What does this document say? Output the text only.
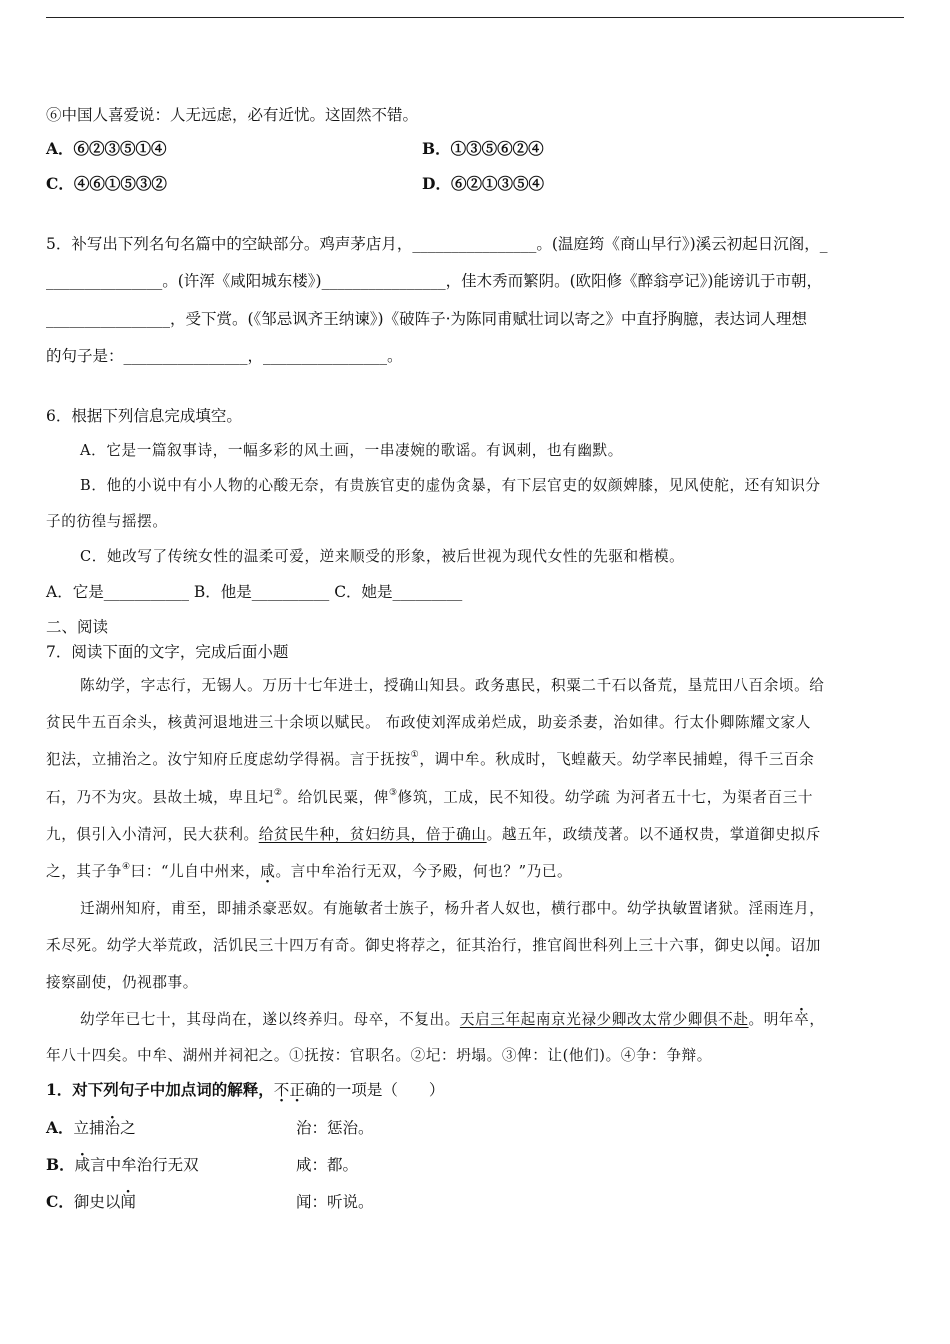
⑥中国人喜爱说：人无远虑，必有近忧。这固然不错。
A．⑥②③⑤①④	B．①③⑤⑥②④
C．④⑥①⑤③②	D．⑥②①③⑤④
5．补写出下列名句名篇中的空缺部分。鸡声茅店月，________________。(温庭筠《商山早行》)溪云初起日沉阁，_
_______________。(许浑《咸阳城东楼》)________________，佳木秀而繁阴。(欧阳修《醉翁亭记》)能谤讥于市朝，
________________，受下赏。(《邹忌讽齐王纳谏》)《破阵子·为陈同甫赋壮词以寄之》中直抒胸臆，表达词人理想
的句子是：________________，________________。
6．根据下列信息完成填空。
A．它是一篇叙事诗，一幅多彩的风土画，一串凄婉的歌谣。有讽刺，也有幽默。
B．他的小说中有小人物的心酸无奈，有贵族官吏的虚伪贪暴，有下层官吏的奴颜婢膝，见风使舵，还有知识分
子的彷徨与摇摆。
C．她改写了传统女性的温柔可爱，逆来顺受的形象，被后世视为现代女性的先驱和楷模。
A．它是___________ B．他是__________ C．她是_________
二、阅读
7．阅读下面的文字，完成后面小题
陈幼学，字志行，无锡人。万历十七年进士，授确山知县。政务惠民，积粟二千石以备荒，垦荒田八百余顷。给
贫民牛五百余头，核黄河退地进三十余顷以赋民。 布政使刘浑成弟烂成，助妾杀妻，治如律。行太仆卿陈耀文家人
犯法，立捕治之。汝宁知府丘度虑幼学得祸。言于抚按①，调中牟。秋成时，飞蝗蔽天。幼学率民捕蝗，得千三百余
石，乃不为灾。县故土城，卑且圮②。给饥民粟，俾③修筑，工成，民不知役。幼学疏 为河者五十七，为渠者百三十
九，俱引入小清河，民大获利。给贫民牛种，贫妇纺具，倍于确山。越五年，政绩茂著。以不通权贵，掌道御史拟斥
之，其子争④曰：“儿自中州来，咸。言中牟治行无双，今予殿，何也？”乃已。
迁湖州知府，甫至，即捕杀豪恶奴。有施敏者士族子，杨升者人奴也，横行郡中。幼学执敏置诸狱。淫雨连月，
禾尽死。幼学大举荒政，活饥民三十四万有奇。御史将荐之，征其治行，推官阎世科列上三十六事，御史以闻。诏加
接察副使，仍视郡事。
幼学年已七十，其母尚在，遂以终养归。母卒，不复出。天启三年起南京光禄少卿改太常少卿俱不赴。明年卒，
年八十四矣。中牟、湖州并祠祀之。①抚按：官职名。②圮：坍塌。③俾：让(他们)。④争：争辩。
1．对下列句子中加点词的解释，不正确的一项是（　　）
A．立捕治之	治：惩治。
B．咸言中牟治行无双	咸：都。
C．御史以闻	闻：听说。
